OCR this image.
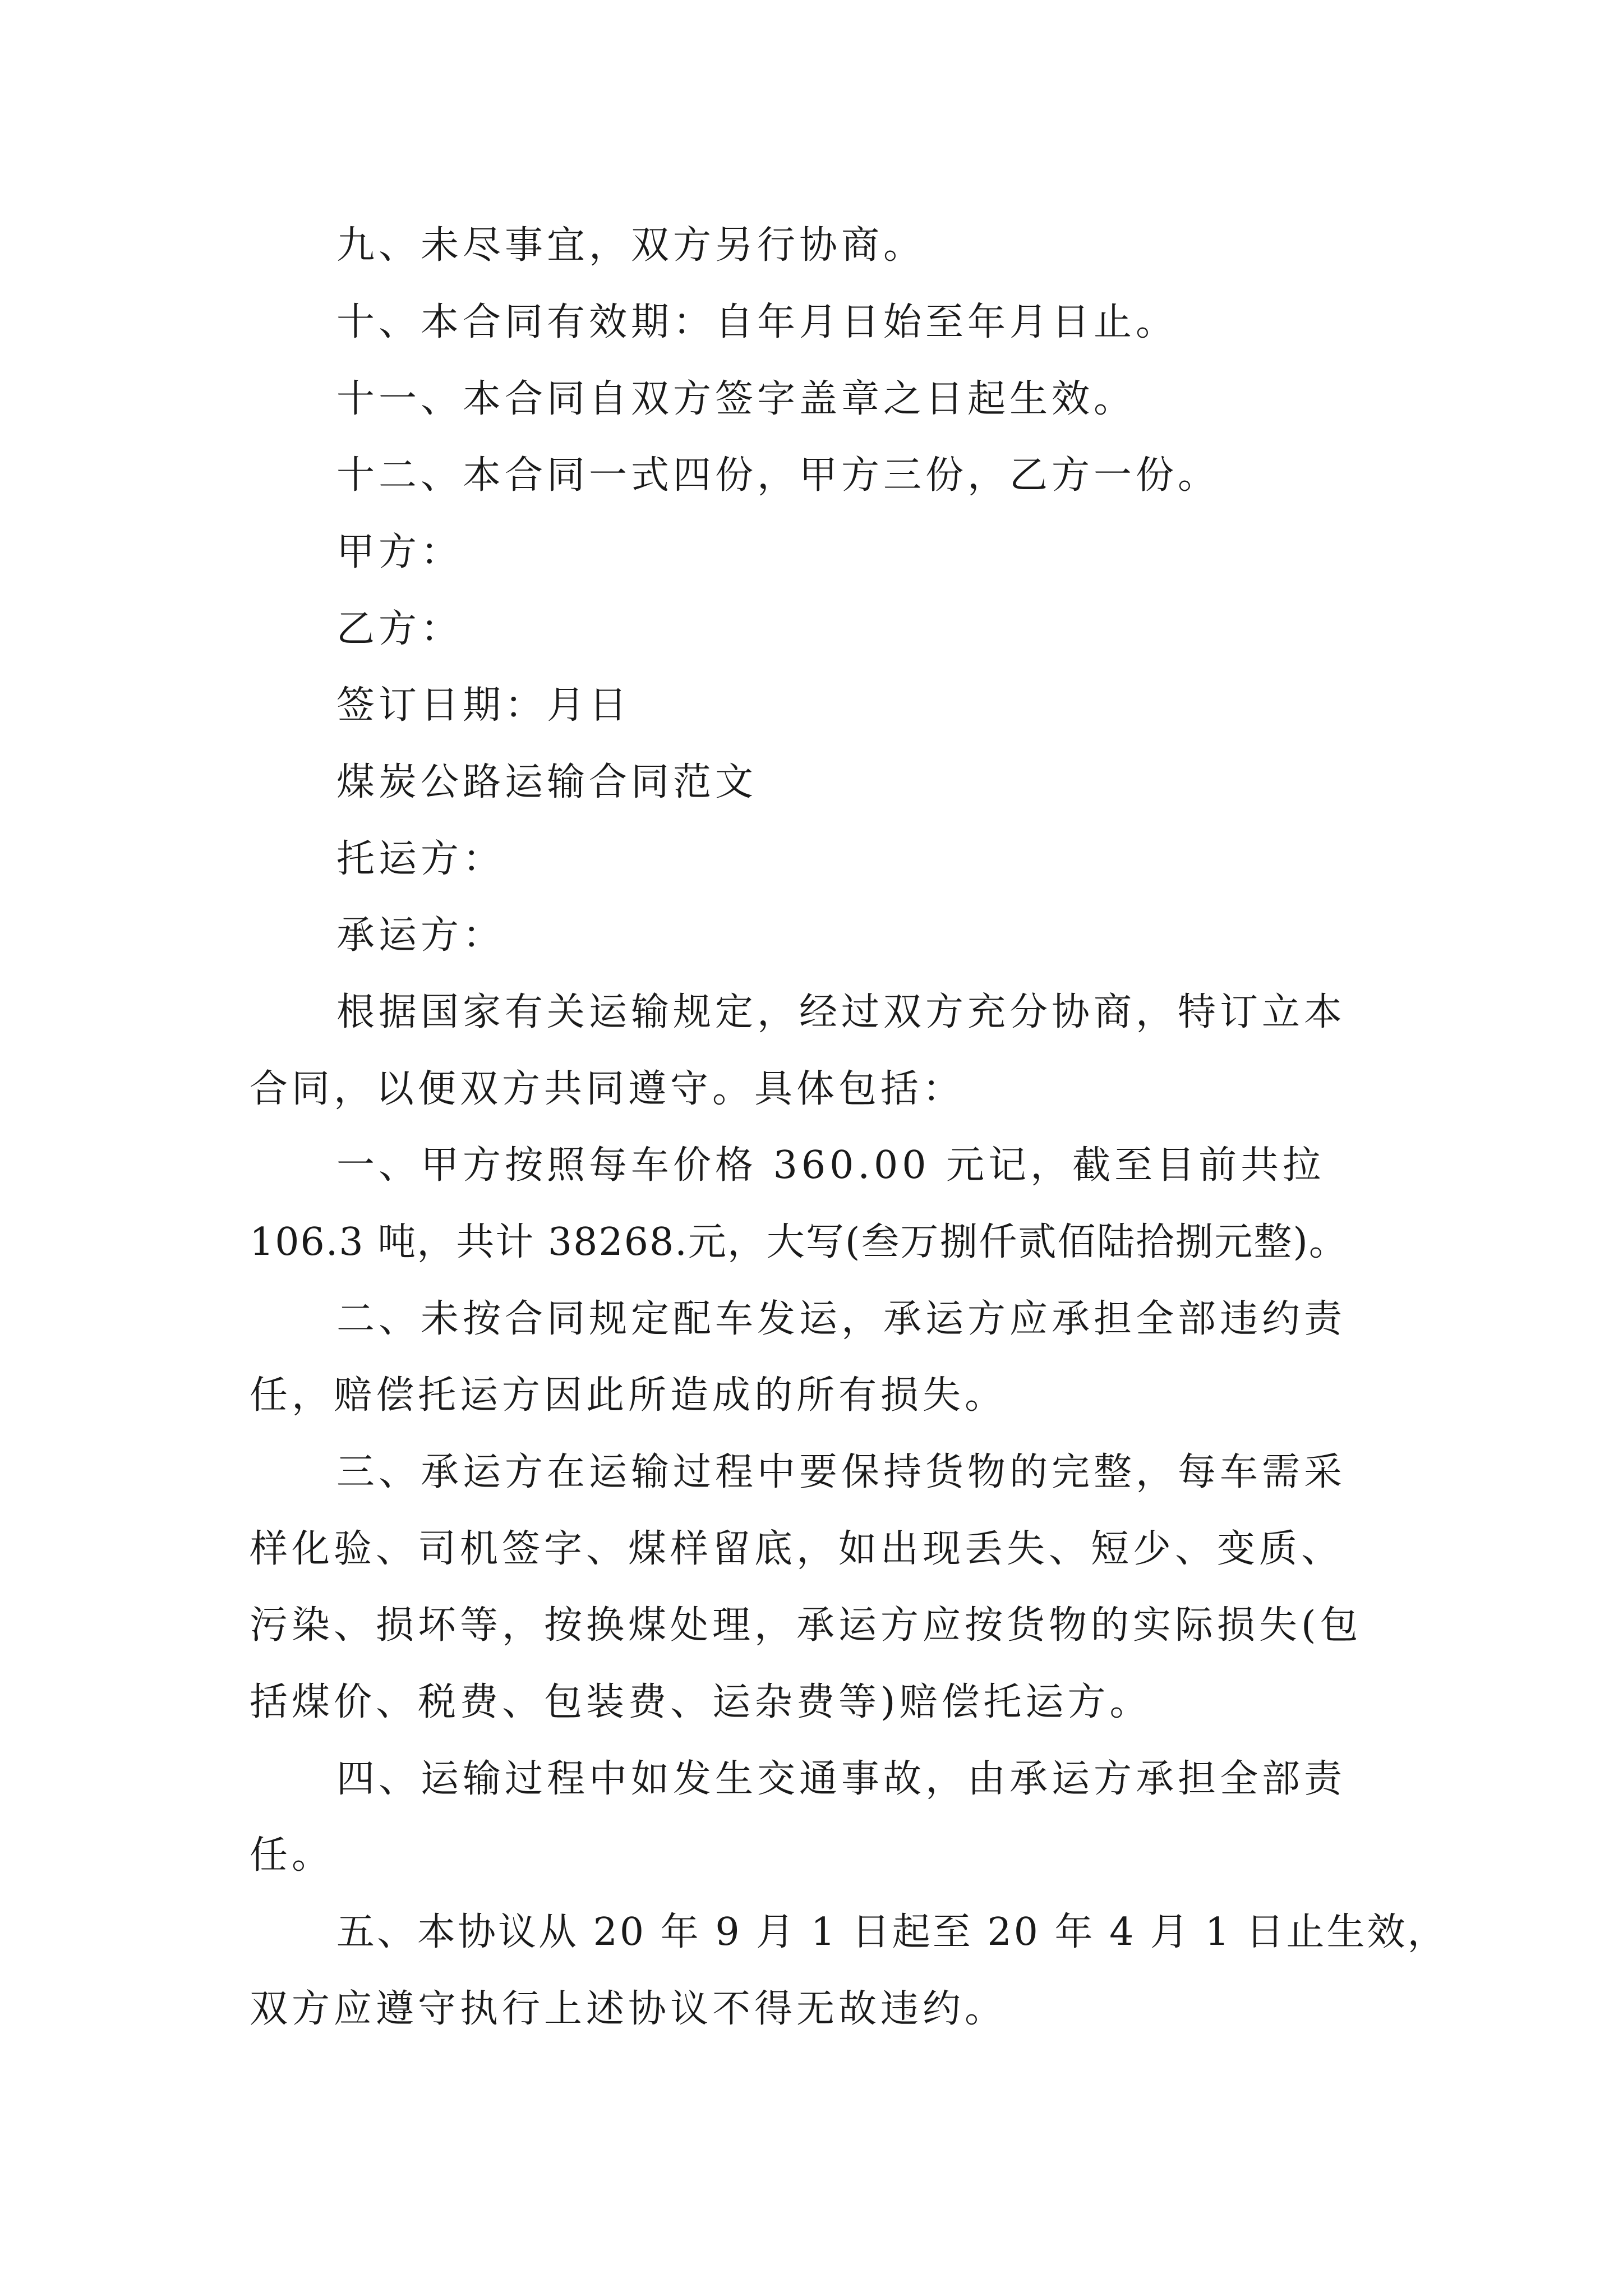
九、未尽事宜，双方另行协商。
十、本合同有效期：自年月日始至年月日止。
十一、本合同自双方签字盖章之日起生效。
十二、本合同一式四份，甲方三份，乙方一份。
甲方：
乙方：
签订日期：月日
煤炭公路运输合同范文
托运方：
承运方：
根据国家有关运输规定，经过双方充分协商，特订立本
合同，以便双方共同遵守。具体包括：
一、甲方按照每车价格 360.00 元记，截至目前共拉
106.3 吨，共计 38268.元，大写(叁万捌仟贰佰陆拾捌元整)。
二、未按合同规定配车发运，承运方应承担全部违约责
任，赔偿托运方因此所造成的所有损失。
三、承运方在运输过程中要保持货物的完整，每车需采
样化验、司机签字、煤样留底，如出现丢失、短少、变质、
污染、损坏等，按换煤处理，承运方应按货物的实际损失(包
括煤价、税费、包装费、运杂费等)赔偿托运方。
四、运输过程中如发生交通事故，由承运方承担全部责
任。
五、本协议从 20 年 9 月 1 日起至 20 年 4 月 1 日止生效，
双方应遵守执行上述协议不得无故违约。
